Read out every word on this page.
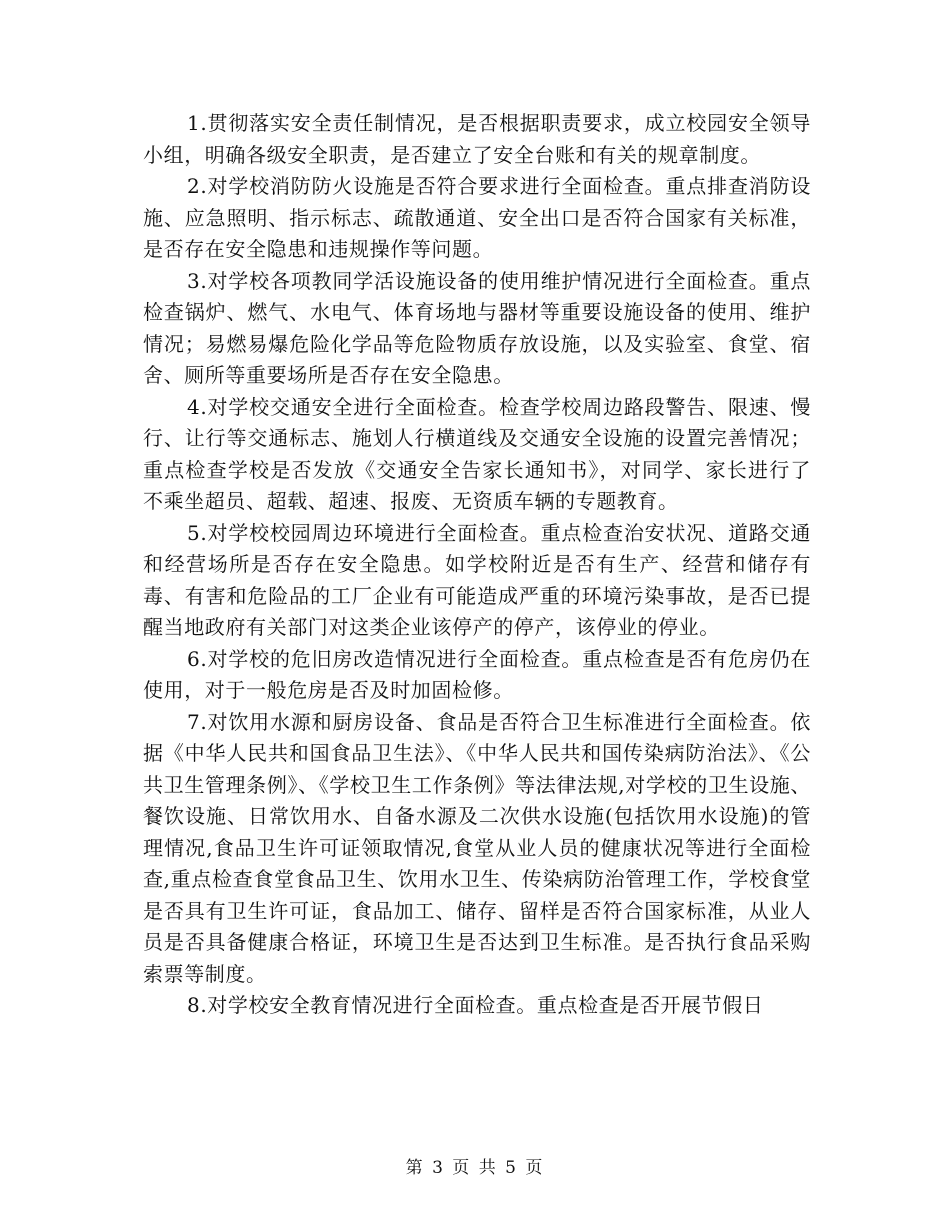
1.贯彻落实安全责任制情况，是否根据职责要求，成立校园安全领导小组，明确各级安全职责，是否建立了安全台账和有关的规章制度。

2.对学校消防防火设施是否符合要求进行全面检查。重点排查消防设施、应急照明、指示标志、疏散通道、安全出口是否符合国家有关标准，是否存在安全隐患和违规操作等问题。

3.对学校各项教同学活设施设备的使用维护情况进行全面检查。重点检查锅炉、燃气、水电气、体育场地与器材等重要设施设备的使用、维护情况；易燃易爆危险化学品等危险物质存放设施，以及实验室、食堂、宿舍、厕所等重要场所是否存在安全隐患。

4.对学校交通安全进行全面检查。检查学校周边路段警告、限速、慢行、让行等交通标志、施划人行横道线及交通安全设施的设置完善情况；重点检查学校是否发放《交通安全告家长通知书》，对同学、家长进行了不乘坐超员、超载、超速、报废、无资质车辆的专题教育。

5.对学校校园周边环境进行全面检查。重点检查治安状况、道路交通和经营场所是否存在安全隐患。如学校附近是否有生产、经营和储存有毒、有害和危险品的工厂企业有可能造成严重的环境污染事故，是否已提醒当地政府有关部门对这类企业该停产的停产，该停业的停业。

6.对学校的危旧房改造情况进行全面检查。重点检查是否有危房仍在使用，对于一般危房是否及时加固检修。

7.对饮用水源和厨房设备、食品是否符合卫生标准进行全面检查。依据《中华人民共和国食品卫生法》、《中华人民共和国传染病防治法》、《公共卫生管理条例》、《学校卫生工作条例》等法律法规,对学校的卫生设施、餐饮设施、日常饮用水、自备水源及二次供水设施(包括饮用水设施)的管理情况,食品卫生许可证领取情况,食堂从业人员的健康状况等进行全面检查,重点检查食堂食品卫生、饮用水卫生、传染病防治管理工作，学校食堂是否具有卫生许可证，食品加工、储存、留样是否符合国家标准，从业人员是否具备健康合格证，环境卫生是否达到卫生标准。是否执行食品采购索票等制度。

8.对学校安全教育情况进行全面检查。重点检查是否开展节假日

第 3 页 共 5 页
